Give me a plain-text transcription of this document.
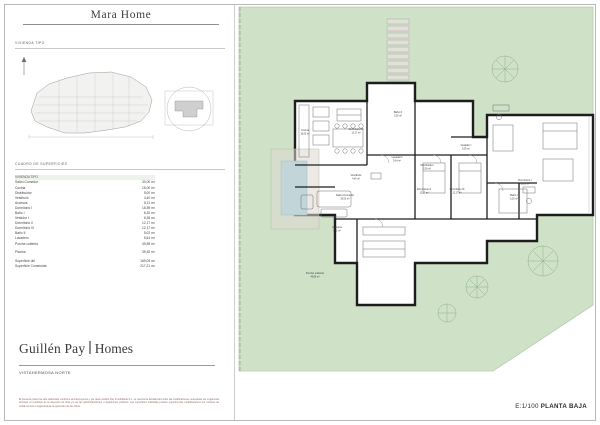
Mara Home
VIVIENDA TIPO
CUADRO DE SUPERFICIES
VIVIENDA TIPO	
Salón-Comedor	30,00 m²
Cocina	16,00 m²
Distribuidor	5,00 m²
Vestíbulo	4,40 m²
Accesos	8,11 m²
Dormitorio I	16,89 m²
Baño I	6,30 m²
Vestidor I	6,35 m²
Dormitorio II	12,17 m²
Dormitorio III	12,17 m²
Baño II	5,02 m²
Lavadero	5,64 m²
Porche cubierto	49,89 m²

Piscina	35,52 m²

Superficie útil	169,05 m²
Superficie Construida	217,21 m²
Guillén Pay Homes
VISTAHERMOSA NORTE
El presente plano ha sido elaborado conforme al Anteproyecto y por tanto Guillén Pay Inmobiliaria S.L. se reserva la facultad de incluir las modificaciones necesarias por exigencias técnicas y/o jurídicas de la dirección de obra y/o de las administraciones u organismos públicos. Las superficies indicadas pueden experimentar modificaciones por razones de índole técnica o legal durante la ejecución de las obras.
Baño II
5,02 m²
Dormitorio III
12,17 m²
Cocina
16,00 m²
Lavadero
5,64 m²
Distribuidor
5,00 m²
Vestíbulo
4,40 m²
Vestidor I
6,35 m²
Dormitorio I
16,89 m²
Baño I
6,30 m²
Dormitorio II
12,17 m²
Dormitorio III
12,17 m²
Salón-Comedor
30,00 m²
Accesos
8,11 m²
Porche cubierto
49,89 m²
E:1/100 PLANTA BAJA
